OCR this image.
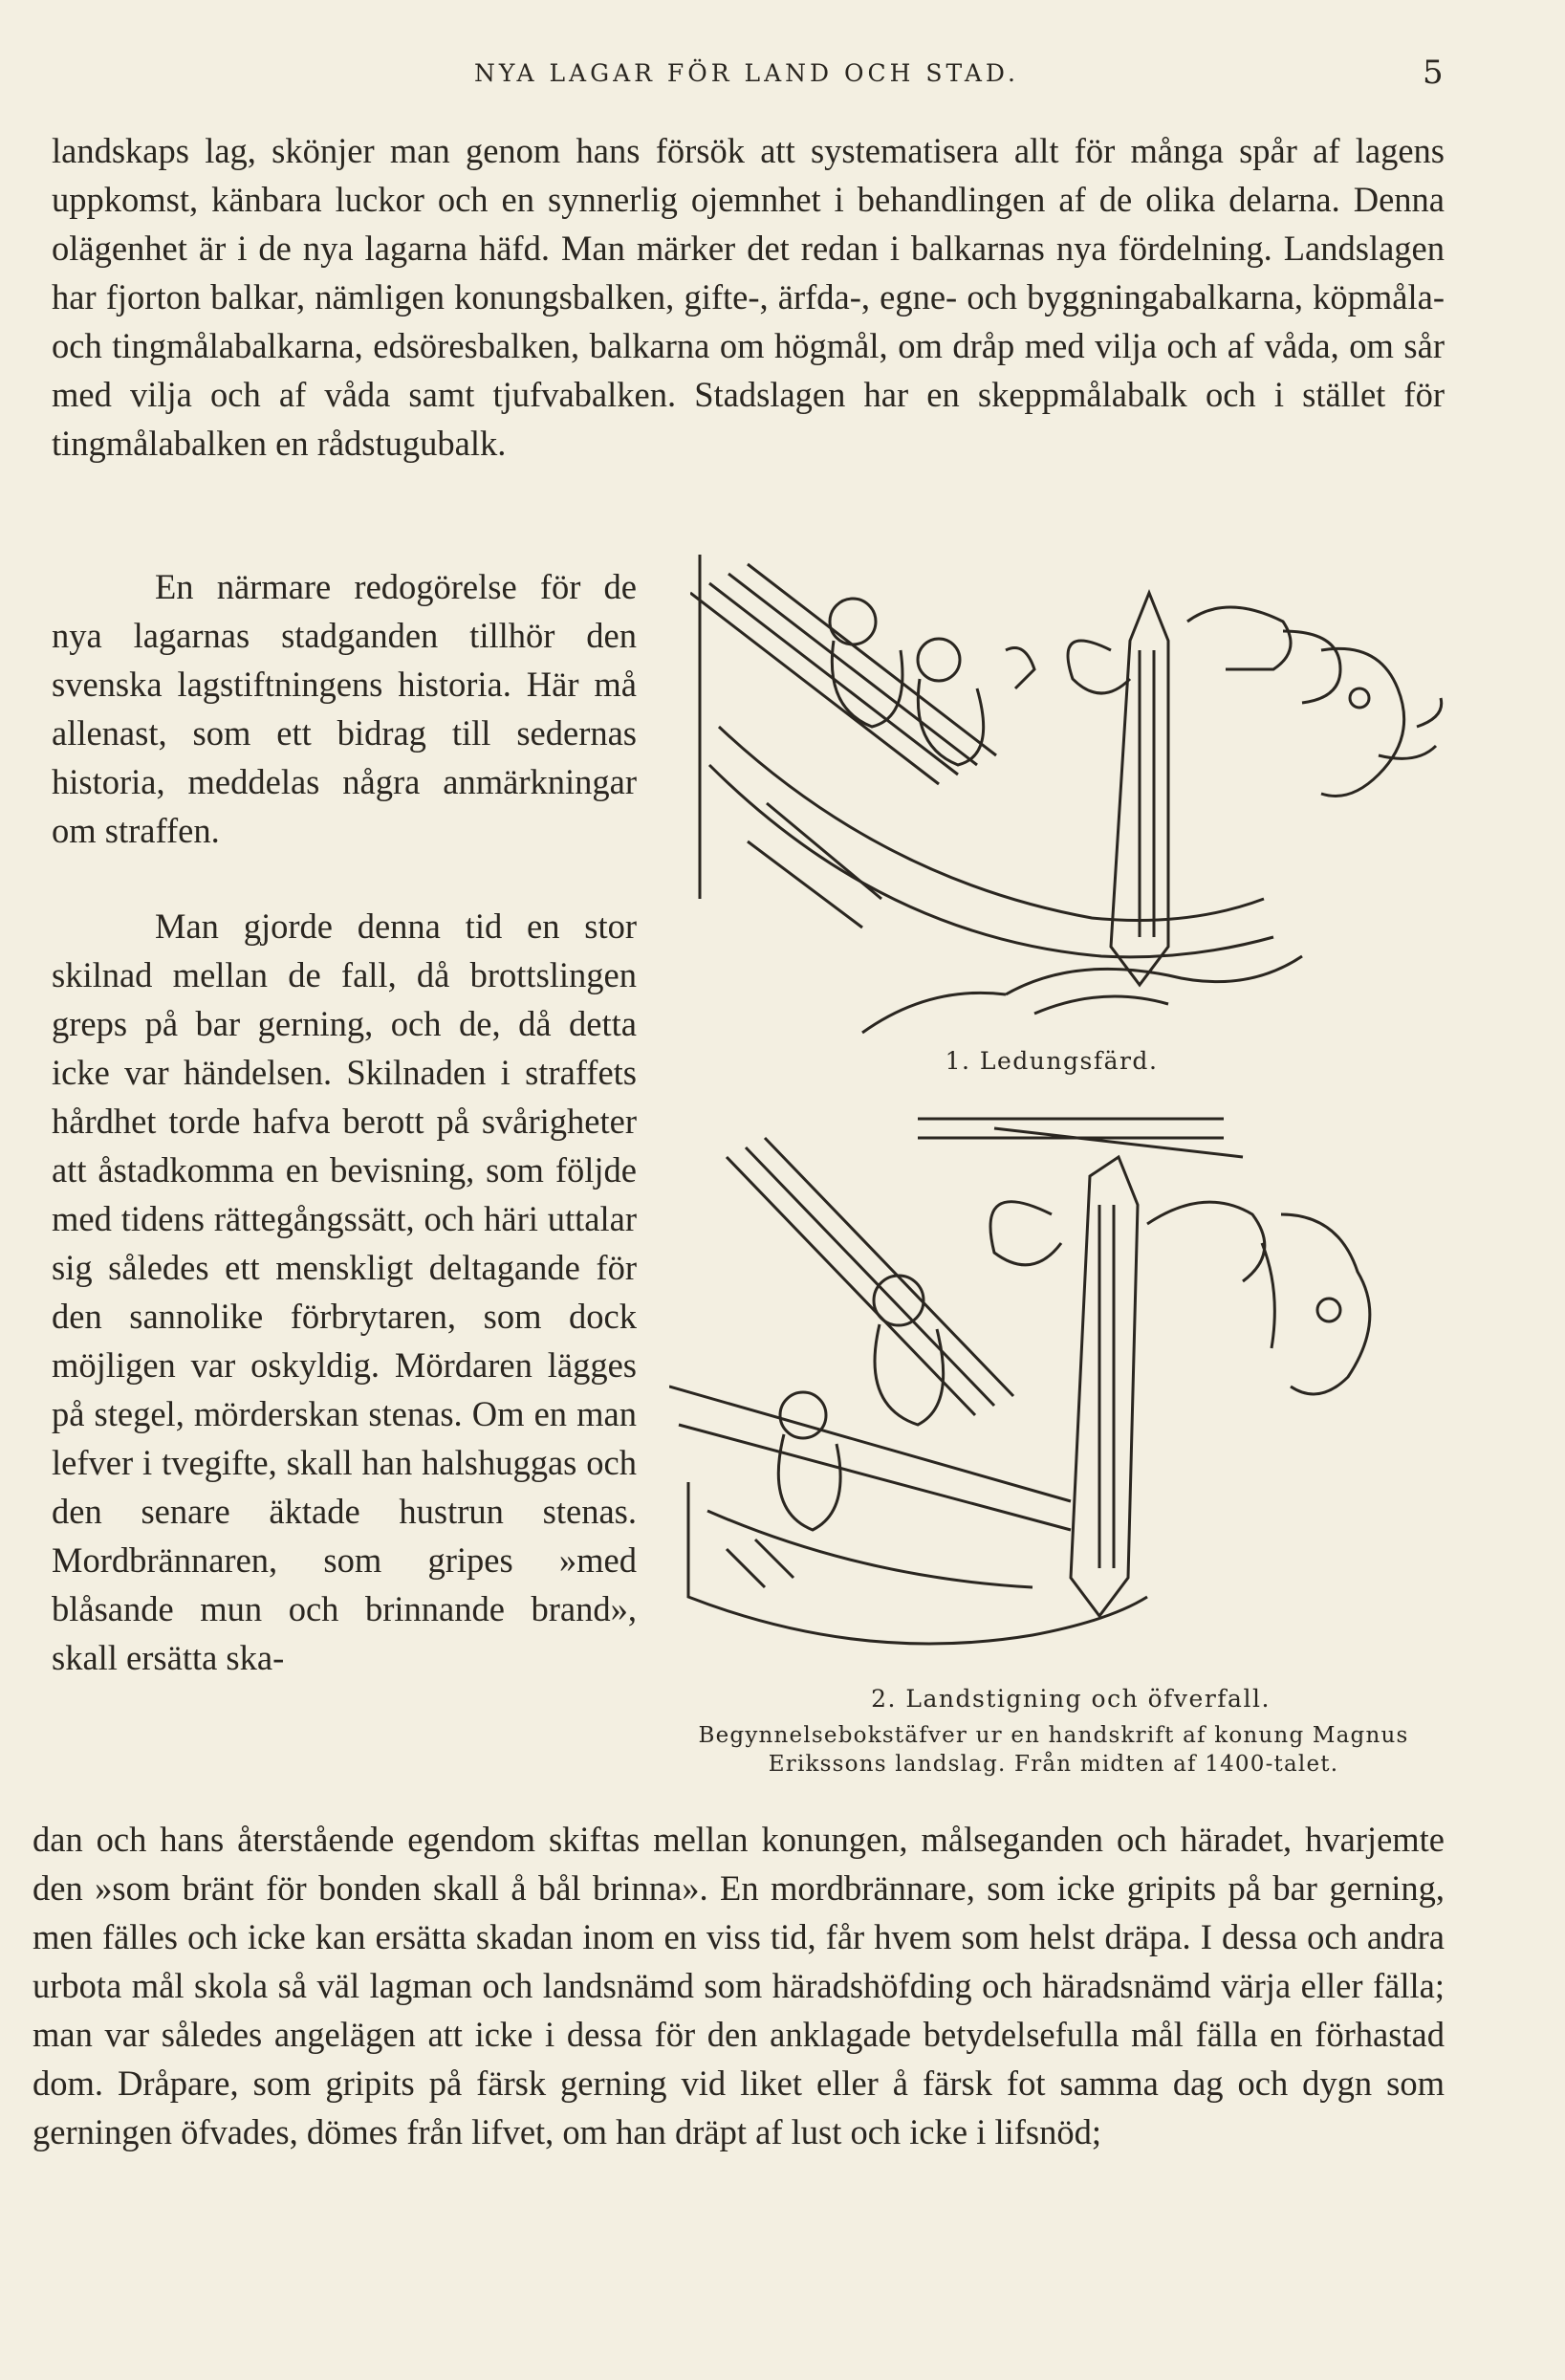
NYA LAGAR FÖR LAND OCH STAD.	5
landskaps lag, skönjer man genom hans försök att systematisera allt för många spår af lagens uppkomst, känbara luckor och en synnerlig ojemnhet i behandlingen af de olika delarna. Denna olägenhet är i de nya lagarna häfd. Man märker det redan i balkarnas nya fördelning. Landslagen har fjorton balkar, nämligen konungsbalken, gifte-, ärfda-, egne- och byggningabalkarna, köpmåla- och tingmålabalkarna, edsöresbalken, balkarna om högmål, om dråp med vilja och af våda, om sår med vilja och af våda samt tjufvabalken. Stadslagen har en skeppmålabalk och i stället för tingmålabalken en rådstugubalk.
En närmare redogörelse för de nya lagarnas stadganden tillhör den svenska lagstiftningens historia. Här må allenast, som ett bidrag till sedernas historia, meddelas några anmärkningar om straffen.
Man gjorde denna tid en stor skilnad mellan de fall, då brottslingen greps på bar gerning, och de, då detta icke var händelsen. Skilnaden i straffets hårdhet torde hafva berott på svårigheter att åstadkomma en bevisning, som följde med tidens rättegångssätt, och häri uttalar sig således ett menskligt deltagande för den sannolike förbrytaren, som dock möjligen var oskyldig. Mördaren lägges på stegel, mörderskan stenas. Om en man lefver i tvegifte, skall han halshuggas och den senare äktade hustrun stenas. Mordbrännaren, som gripes »med blåsande mun och brinnande brand», skall ersätta ska-
dan och hans återstående egendom skiftas mellan konungen, målseganden och häradet, hvarjemte den »som bränt för bonden skall å bål brinna». En mordbrännare, som icke gripits på bar gerning, men fälles och icke kan ersätta skadan inom en viss tid, får hvem som helst dräpa. I dessa och andra urbota mål skola så väl lagman och landsnämd som häradshöfding och häradsnämd värja eller fälla; man var således angelägen att icke i dessa för den anklagade betydelsefulla mål fälla en förhastad dom. Dråpare, som gripits på färsk gerning vid liket eller å färsk fot samma dag och dygn som gerningen öfvades, dömes från lifvet, om han dräpt af lust och icke i lifsnöd;
1. Ledungsfärd.
2. Landstigning och öfverfall.
Begynnelsebokstäfver ur en handskrift af konung Magnus Erikssons landslag. Från midten af 1400-talet.
